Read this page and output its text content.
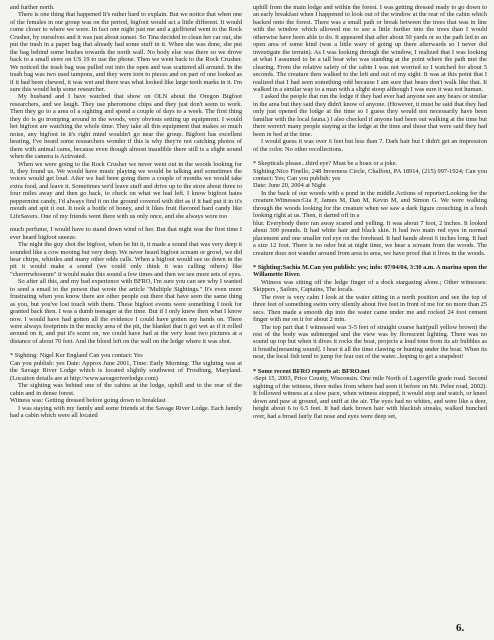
and further north.

There is one thing that happened It's rather hard to explain. But we notice that when one of the females in our group was on the period, bigfoot would act a little different. It would come closer to where we were. In fact one night just me and a girlfriend went to the Rock Crusher, by ourselves and it was just about sunset. So Tina decided to clean her car out, she put the trash in a paper bag that already had some stuff in it. When she was done, she put the bag behind some bushes towards the north wall. No body else was there so we drove back to a small store on US 19 to use the phone. Then we went back to the Rock Crusher. We noticed the trash bag was pulled out into the open and was scattered all around. In the trash bag was two used tampons, and they were torn to pieces and on part of one looked as if it had been chewed, it was wet and there was what looked like large teeth marks in it. I'm sure this would help some researcher.

My husband and I have watched that show on OLN about the Oregon Bigfoot researchers, and we laugh. They use pheromone chips and they just don't seem to work. Then they go to a area of a sighting and spend a couple of days to a week. The first thing they do is go tromping around in the woods, very obvious setting up equipment. I would bet bigfoot are watching the whole time. They take all this equipment that makes so much noise, any bigfoot in it's right mind wouldn't go near the group. Bigfoot has excellent hearing, I've heard some researchers wonder if this is why they're not catching photos of them with animal cams, because even though almost inaudible there still is a slight sound when the camera is Activated.

When we were going to the Rock Crusher we never went out in the woods looking for it, they found us. We would have music playing we would be talking and sometimes the voices would get loud. After we had been going there a couple of months we would take extra food, and leave it. Sometimes we'd leave stuff and drive up to the store about three to four miles away and then go back, to check on what we had left. I know bigfoot hates peppermint candy, I'd always find it on the ground covered with dirt as if it had put it in it's mouth and spit it out. It took a bottle of honey, and it likes fruit flavored hard candy like LifeSavers. One of my friends went there with us only once, and she always wore too

much perfume, I would have to stand down wind of her. But that night was the first time I ever heard bigfoot sneeze.

The night the guy shot the bigfoot, when he hit it, it made a sound that was very deep it sounded like a cow mooing but very deep. We never heard bigfoot scream or growl, we did hear chirps, whistles and many other odds calls. When a bigfoot would see us down in the pit it would make a sound (we could only think it was calling others) like "cherrrrwhoomm" it would make this sound a few times and then we see more sets of eyes.

So after all this, and my bad experience with BFRO, I'm sure you can see why I wanted to send a email to the person that wrote the article "Multiple Sightings." It's even more frustrating when you know there are other people out there that have seen the same thing as you, but you've lost touch with them. These bigfoot events were something I took for granted back then. I was a dumb teenager at the time. But if I only knew then what I know now. I would have had gotten all the evidence I could have gotten my hands on. There were always footprints in the mucky area of the pit, the blanket that it got wet as if it rolled around on it, and put it's scent on, we could have had at the very least two pictures at a distance of about 70 feet. And the blood left on the wall on the ledge where it was shot.

* Sighting: Nigel Ker England Can you contact: Yes

Can you publish: yes Date: Approx June 2001, Time: Early Morning: The sighting was at the Savage River Lodge which is located slightly southwest of Frostburg, Maryland. (Location details are at http://www.savageriverlodge.com)

The sighting was behind one of the cabins at the lodge, uphill and to the rear of the cabin and in dense forest.

Witness was: Getting dressed before going down to breakfast

I was staying with my family and some friends at the Savage River Lodge. Each family had a cabin which were all located

uphill from the main lodge and within the forest. I was getting dressed ready to go down to an early breakfast when I happened to look out of the window at the rear of the cabin which backed onto the forest. There was a small path or break between the trees that was in line with the window which allowed me to see a little further into the trees than I would otherwise have been able to do. It appeared that after about 50 yards or so the path led to an open area of some kind (was a little wary of going up there afterwards so I never did investigate the terrain). As I was looking through the window, I realized that I was looking at what I assumed to be a tall bear who was standing at the point where the path met the clearing. From the relative safety of the cabin I was not worried so I watched for about 5 seconds. The creature then walked to the left and out of my sight. It was at this point that I realized that I had seen something odd because I am sure that bears don't walk like that. It walked in a similar way to a man with a slight stoop although I was sure it was not human.

I asked the people that run the lodge if they had ever had anyone see any bears or similar in the area but they said they didn't know of anyone. (However, it must be said that they had only just opened the lodge at the time so I guess they would not necessarily have been familiar with the local fauna.) I also checked if anyone had been out walking at the time but there weren't many people staying at the lodge at the time and those that were said they had been in bed at the time.

I would guess it was over 6 feet but less than 7. Dark hair but I didn't get an impression of the color. No other recollections.

* Skepticals please...third eye? Must be a hoax or a joke.

Sighting:Nico Finello, 248 Inverness Circle, Chalfont, PA 18914, (215) 997-1924; Can you contact: Yes; Can you publish: yes

Date: June 20, 2004 at Night

In the back of our woods with a pond in the middle.Actions of reporter:Looking for the creature.Witnesses:Gia F, James M, Dan M, Kevin M, and Simon G. We were walking through the woods looking for the creature when we saw a dark figure crouching in a bush looking right at us. Then, it darted off in a

blur. Everybody there ran away scared and yelling. It was about 7 foot, 2 inches. It looked about 300 pounds. It had white hair and black skin. It had two main red eyes in normal placement and one smaller red eye on the forehead. It had hands about 6 inches long. It had a size 12 foot. There is no odor but at night time, we hear a scream from the woods. The creature does not wander around from area to area, we have proof that it lives in the woods.

* Sighting:Sachia M.Can you publish: yes; info: 07/04/04, 3:30 a.m. A marina upon the Willamette River.

Witness was sitting off the ledge finger of a dock stargazing alone.; Other witnesses: Skippers , Sailors, Captains, The locals.

The river is very calm I look at the water sitting in a north position and see the top of three feet of something swim very silently about five feet in front of me for no more than 25 secs. Then made a smooth dip into the water came under me and rocked 24 foot cement finger with me on it for about 2 min.

The top part that I witnessed was 3-5 feet of straight coarse hair(pull yellow brown) the rest of the body was submerged and the view was by florescent lighting. There was no sound up top but when it dives it rocks the boat, projects a loud tone from its air bubbles as it breaths[moaning sound]. I hear it all the time clawing or hunting under the boat. When its near, the local fish tend to jump for fear out of the water...hoping to get a snapshot!

* Some recent BFRO reports at: BFRO.net

-Sept 15, 2003, Price County, Wisconsin. One mile North of Lugerville grade road. Second sighting of the witness, three miles from where had seen it before on Mt. Pelee road, 2002). It followed witness at a slow pace, when witness stopped, it would stop and watch, or kneel down and paw at ground, and sniff at the air. The eyes had no whites, and were like a deer, height about 6 to 6.5 feet. It had dark brown hair with blackish streaks, walked hunched over, had a broad fairly flat nose and eyes were deep set,

6.
